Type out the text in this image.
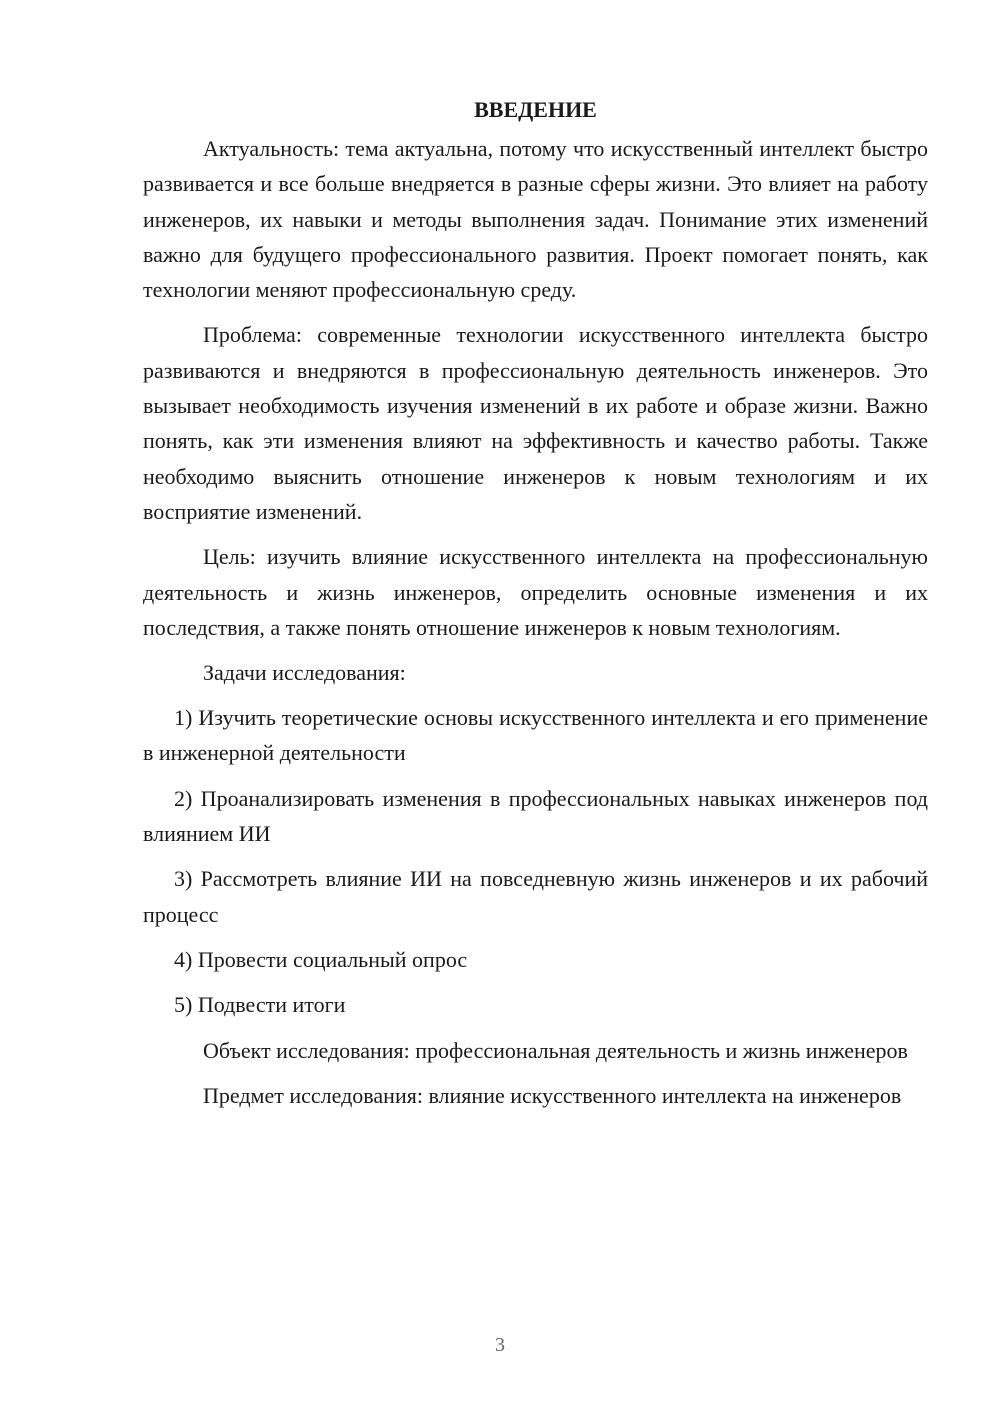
ВВЕДЕНИЕ

Актуальность: тема актуальна, потому что искусственный интеллект быстро развивается и все больше внедряется в разные сферы жизни. Это влияет на работу инженеров, их навыки и методы выполнения задач. Понимание этих изменений важно для будущего профессионального развития. Проект помогает понять, как технологии меняют профессиональную среду.

Проблема: современные технологии искусственного интеллекта быстро развиваются и внедряются в профессиональную деятельность инженеров. Это вызывает необходимость изучения изменений в их работе и образе жизни. Важно понять, как эти изменения влияют на эффективность и качество работы. Также необходимо выяснить отношение инженеров к новым технологиям и их восприятие изменений.

Цель: изучить влияние искусственного интеллекта на профессиональную деятельность и жизнь инженеров, определить основные изменения и их последствия, а также понять отношение инженеров к новым технологиям.

Задачи исследования:

1) Изучить теоретические основы искусственного интеллекта и его применение в инженерной деятельности

2) Проанализировать изменения в профессиональных навыках инженеров под влиянием ИИ

3) Рассмотреть влияние ИИ на повседневную жизнь инженеров и их рабочий процесс

4) Провести социальный опрос

5) Подвести итоги

Объект исследования: профессиональная деятельность и жизнь инженеров

Предмет исследования: влияние искусственного интеллекта на инженеров

3
